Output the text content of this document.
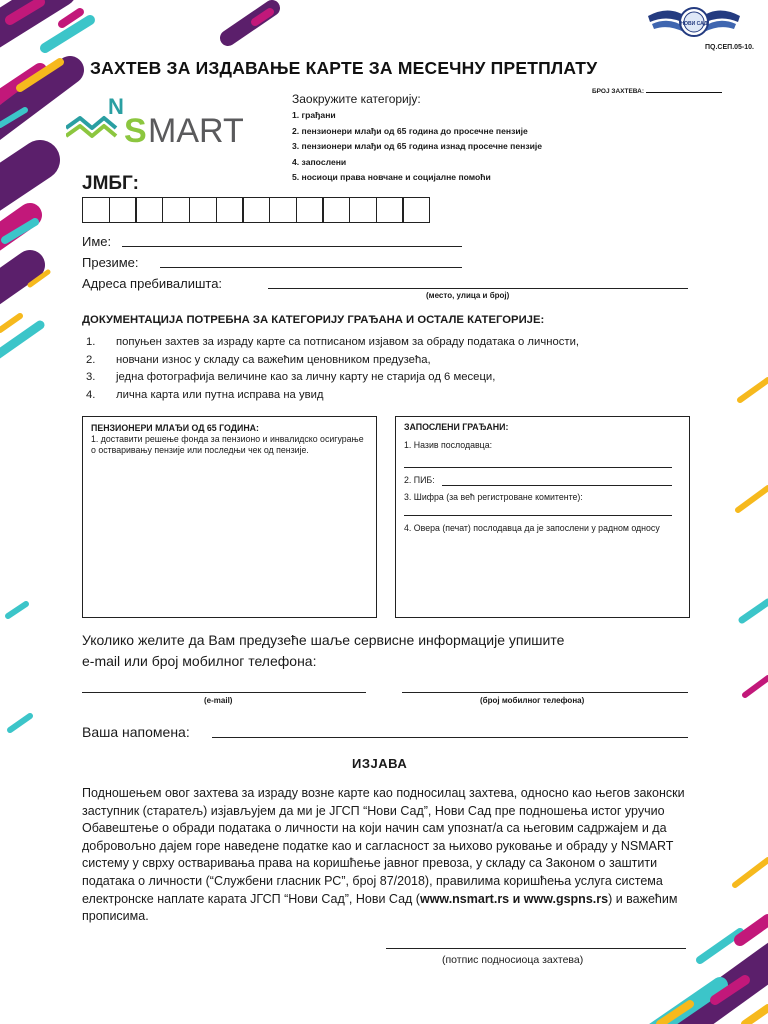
НОВИ САД
ПQ.СЕП.05-10.
ЗАХТЕВ ЗА ИЗДАВАЊЕ КАРТЕ ЗА МЕСЕЧНУ ПРЕТПЛАТУ
БРОЈ ЗАХТЕВА:
N
S MART
Заокружите категорију:
1. грађани
2. пензионери млађи од 65 година до просечне пензије
3. пензионери млађи од 65 година изнад просечне пензије
4. запослени
5. носиоци права новчане и социјалне помоћи
ЈМБГ:
Име:
Презиме:
Адреса пребивалишта:
(место, улица и број)
ДОКУМЕНТАЦИЈА ПОТРЕБНА ЗА КАТЕГОРИЈУ ГРАЂАНА И ОСТАЛЕ КАТЕГОРИЈЕ:
1. попуњен захтев за израду карте са потписаном изјавом за обраду података о личности,
2. новчани износ у складу са важећим ценовником предузећа,
3. једна фотографија величине као за личну карту не старија од 6 месеци,
4. лична карта или путна исправа на увид
ПЕНЗИОНЕРИ МЛАЂИ ОД 65 ГОДИНА:
1. доставити решење фонда за пензионо и инвалидско осигурање о остваривању пензије или последњи чек од пензије.
ЗАПОСЛЕНИ ГРАЂАНИ:
1. Назив послодавца:
2. ПИБ:
3. Шифра (за већ регистроване комитенте):
4. Овера (печат) послодавца да је запослени у радном односу
Уколико желите да Вам предузеће шаље сервисне информације упишите
e-mail или број мобилног телефона:
(e-mail)	(број мобилног телефона)
Ваша напомена:
ИЗЈАВА
Подношењем овог захтева за израду возне карте као подносилац захтева, односно као његов законски заступник (старатељ) изјављујем да ми је ЈГСП “Нови Сад”, Нови Сад пре подношења истог уручио Обавештење о обради података о личности на који начин сам упознат/а са његовим садржајем и да добровољно дајем горе наведене податке као и сагласност за њихово руковање и обраду у NSMART систему у сврху остваривања права на коришћење јавног превоза, у складу са Законом о заштити података о личности (“Службени гласник РС”, број 87/2018), правилима коришћења услуга система електронске наплате карата ЈГСП “Нови Сад”, Нови Сад (www.nsmart.rs и www.gspns.rs) и важећим прописима.
(потпис подносиоца захтева)
